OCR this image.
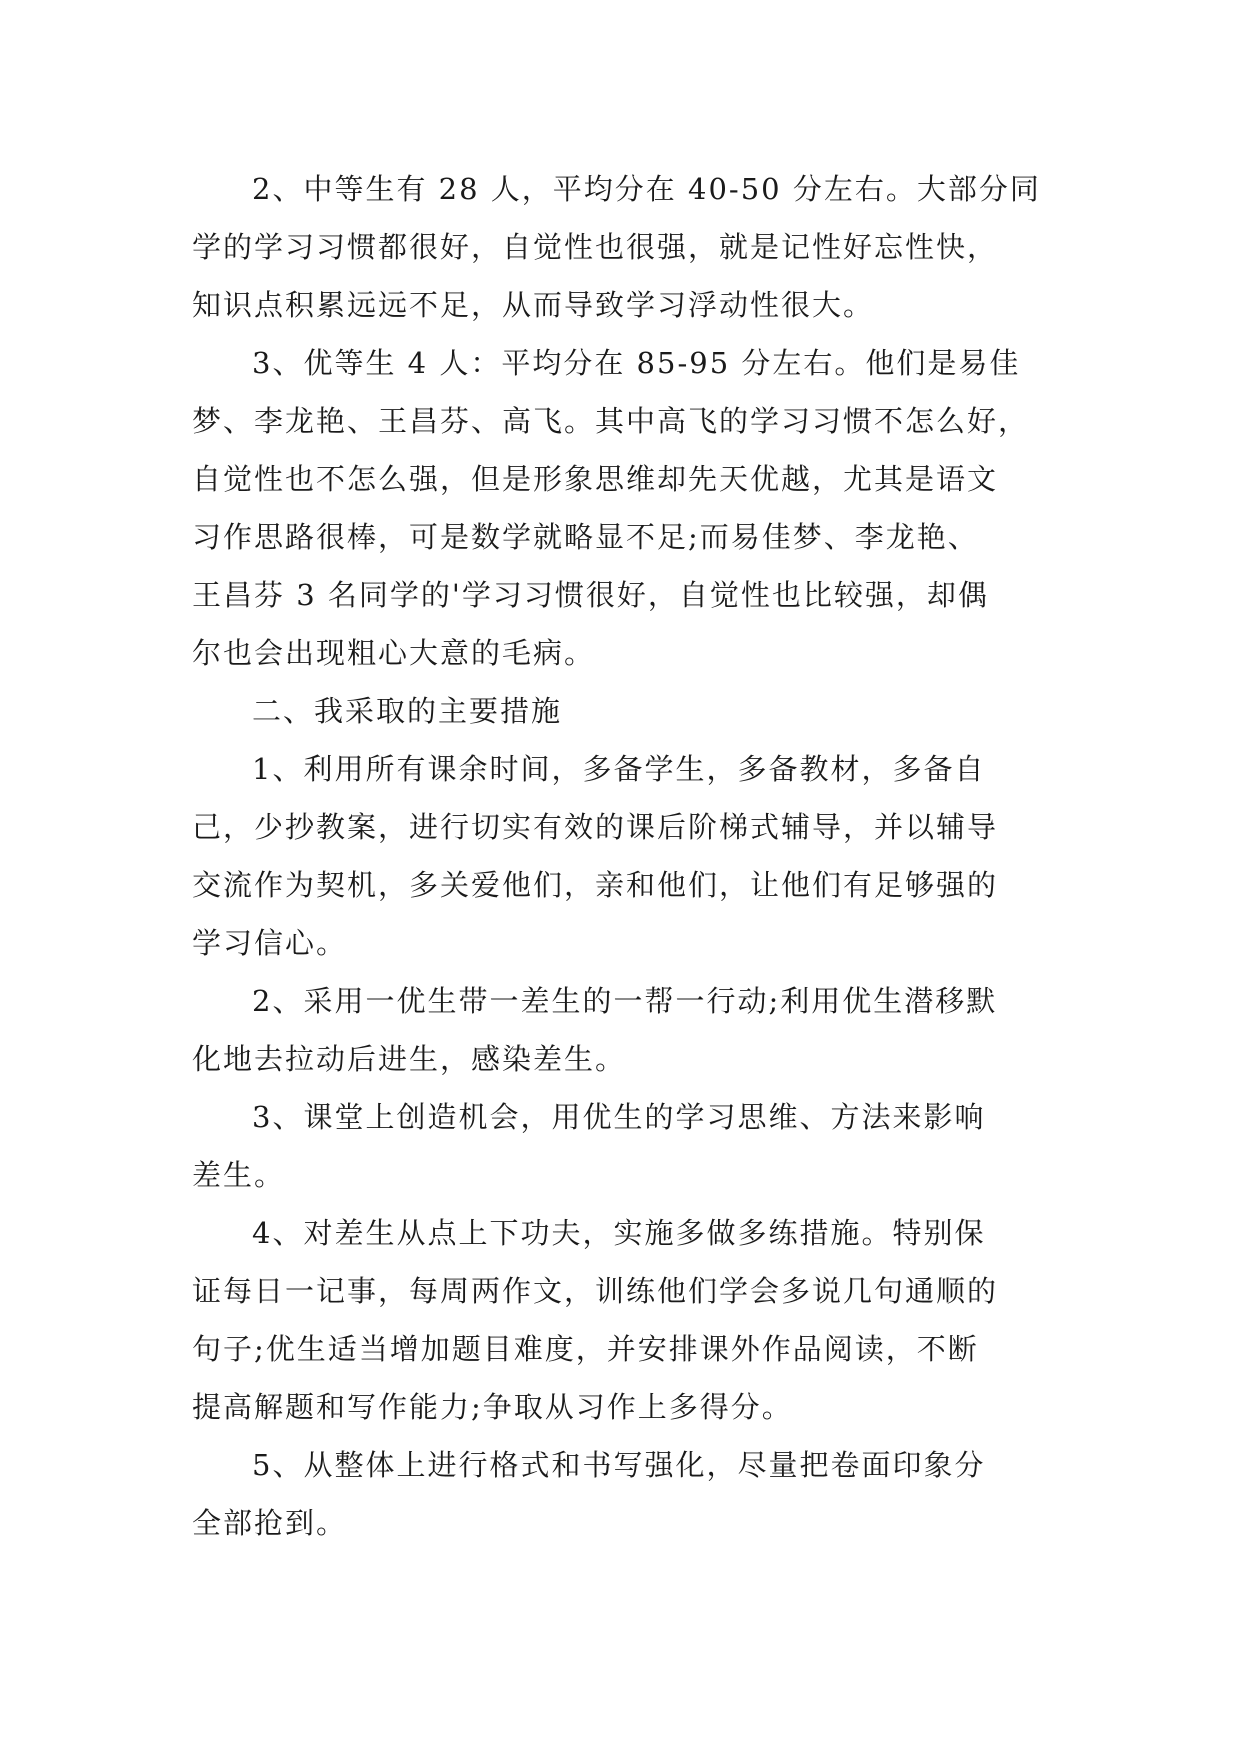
2、中等生有 28 人，平均分在 40-50 分左右。大部分同
学的学习习惯都很好，自觉性也很强，就是记性好忘性快，
知识点积累远远不足，从而导致学习浮动性很大。

3、优等生 4 人：平均分在 85-95 分左右。他们是易佳
梦、李龙艳、王昌芬、高飞。其中高飞的学习习惯不怎么好，
自觉性也不怎么强，但是形象思维却先天优越，尤其是语文
习作思路很棒，可是数学就略显不足;而易佳梦、李龙艳、
王昌芬 3 名同学的'学习习惯很好，自觉性也比较强，却偶
尔也会出现粗心大意的毛病。

二、我采取的主要措施

1、利用所有课余时间，多备学生，多备教材，多备自
己，少抄教案，进行切实有效的课后阶梯式辅导，并以辅导
交流作为契机，多关爱他们，亲和他们，让他们有足够强的
学习信心。

2、采用一优生带一差生的一帮一行动;利用优生潜移默
化地去拉动后进生，感染差生。

3、课堂上创造机会，用优生的学习思维、方法来影响
差生。

4、对差生从点上下功夫，实施多做多练措施。特别保
证每日一记事，每周两作文，训练他们学会多说几句通顺的
句子;优生适当增加题目难度，并安排课外作品阅读，不断
提高解题和写作能力;争取从习作上多得分。

5、从整体上进行格式和书写强化，尽量把卷面印象分
全部抢到。
